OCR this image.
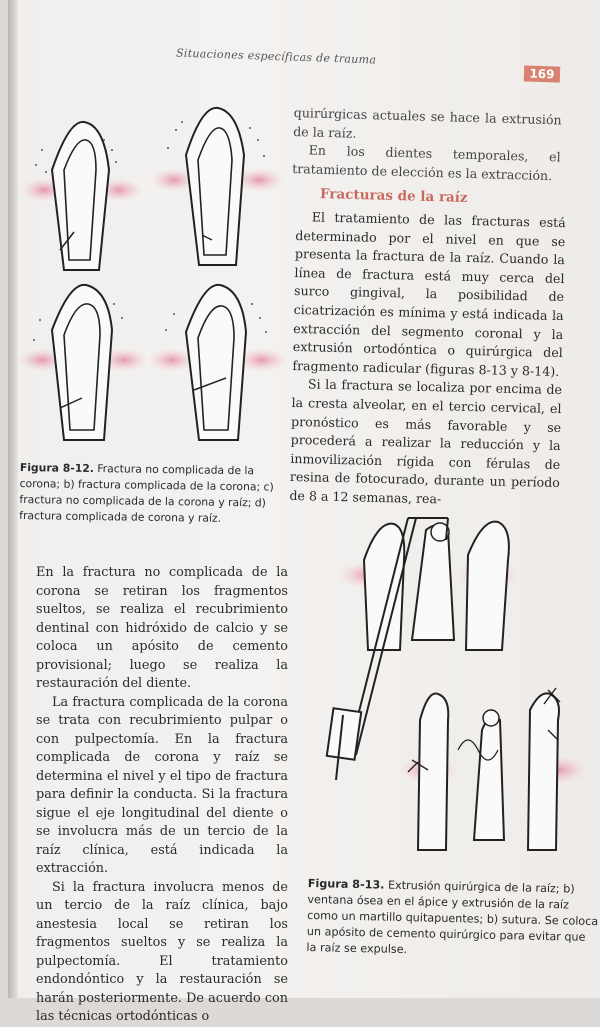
Situaciones específicas de trauma
169
Figura 8-12. Fractura no complicada de la corona; b) fractura complicada de la corona; c) fractura no complicada de la corona y raíz; d) fractura complicada de corona y raíz.

quirúrgicas actuales se hace la extrusión de la raíz.

En los dientes temporales, el tratamiento de elección es la extracción.

Fracturas de la raíz

El tratamiento de las fracturas está determinado por el nivel en que se presenta la fractura de la raíz. Cuando la línea de fractura está muy cerca del surco gingival, la posibilidad de cicatrización es mínima y está indicada la extracción del segmento coronal y la extrusión ortodóntica o quirúrgica del fragmento radicular (figuras 8-13 y 8-14).

Si la fractura se localiza por encima de la cresta alveolar, en el tercio cervical, el pronóstico es más favorable y se procederá a realizar la reducción y la inmovilización rígida con férulas de resina de fotocurado, durante un período de 8 a 12 semanas, rea-

En la fractura no complicada de la corona se retiran los fragmentos sueltos, se realiza el recubrimiento dentinal con hidróxido de calcio y se coloca un apósito de cemento provisional; luego se realiza la restauración del diente.

La fractura complicada de la corona se trata con recubrimiento pulpar o con pulpectomía. En la fractura complicada de corona y raíz se determina el nivel y el tipo de fractura para definir la conducta. Si la fractura sigue el eje longitudinal del diente o se involucra más de un tercio de la raíz clínica, está indicada la extracción.

Si la fractura involucra menos de un tercio de la raíz clínica, bajo anestesia local se retiran los fragmentos sueltos y se realiza la pulpectomía. El tratamiento endondóntico y la restauración se harán posteriormente. De acuerdo con las técnicas ortodónticas o

Figura 8-13. Extrusión quirúrgica de la raíz; b) ventana ósea en el ápice y extrusión de la raíz como un martillo quitapuentes; b) sutura. Se coloca un apósito de cemento quirúrgico para evitar que la raíz se expulse.
